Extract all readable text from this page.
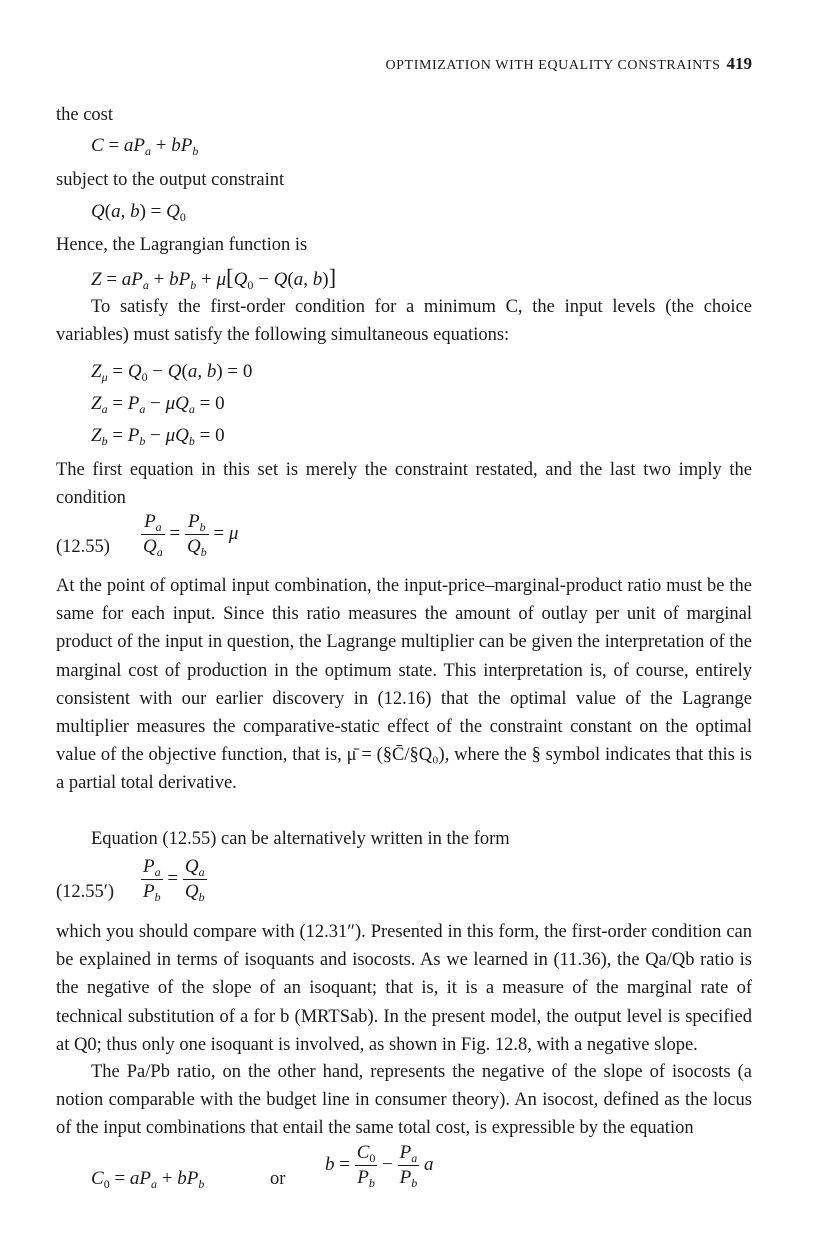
OPTIMIZATION WITH EQUALITY CONSTRAINTS 419
the cost
$C = aP_a + bP_b$
subject to the output constraint
Q(a, $b) = Q_0$
Hence, the Lagrangian function is
$Z = aP_a + bP_b + \mu[Q_0 - Q(a$, b)]
To satisfy the first-order condition for a minimum C, the input levels (the choice variables) must satisfy the following simultaneous equations:
$Z_\mu = Q_0 - Q(a$, b) = 0
$Z_a = P_a - \mu Q_a = 0$
$Z_b = P_b - \mu Q_b = 0$
The first equation in this set is merely the constraint restated, and the last two imply the condition
$(12.55) \frac{P_a}{Q_a} = \frac{P_b}{Q_b} = \mu$
At the point of optimal input combination, the input-price–marginal-product ratio must be the same for each input. Since this ratio measures the amount of outlay per unit of marginal product of the input in question, the Lagrange multiplier can be given the interpretation of the marginal cost of production in the optimum state. This interpretation is, of course, entirely consistent with our earlier discovery in (12.16) that the optimal value of the Lagrange multiplier measures the comparative-static effect of the constraint constant on the optimal value of the objective function, that is, μ̄ = (§C̄/§Q₀), where the § symbol indicates that this is a partial total derivative.
Equation (12.55) can be alternatively written in the form
$(12.55') \frac{P_a}{P_b} = \frac{Q_a}{Q_b}$
which you should compare with (12.31″). Presented in this form, the first-order condition can be explained in terms of isoquants and isocosts. As we learned in (11.36), the Qa/Qb ratio is the negative of the slope of an isoquant; that is, it is a measure of the marginal rate of technical substitution of a for b (MRTSab). In the present model, the output level is specified at Q0; thus only one isoquant is involved, as shown in Fig. 12.8, with a negative slope.
The Pa/Pb ratio, on the other hand, represents the negative of the slope of isocosts (a notion comparable with the budget line in consumer theory). An isocost, defined as the locus of the input combinations that entail the same total cost, is expressible by the equation
$C_0 = aP_a + bP_b$	or
$b = \frac{C_0}{P_b} - \frac{P_a}{P_b}$ a
